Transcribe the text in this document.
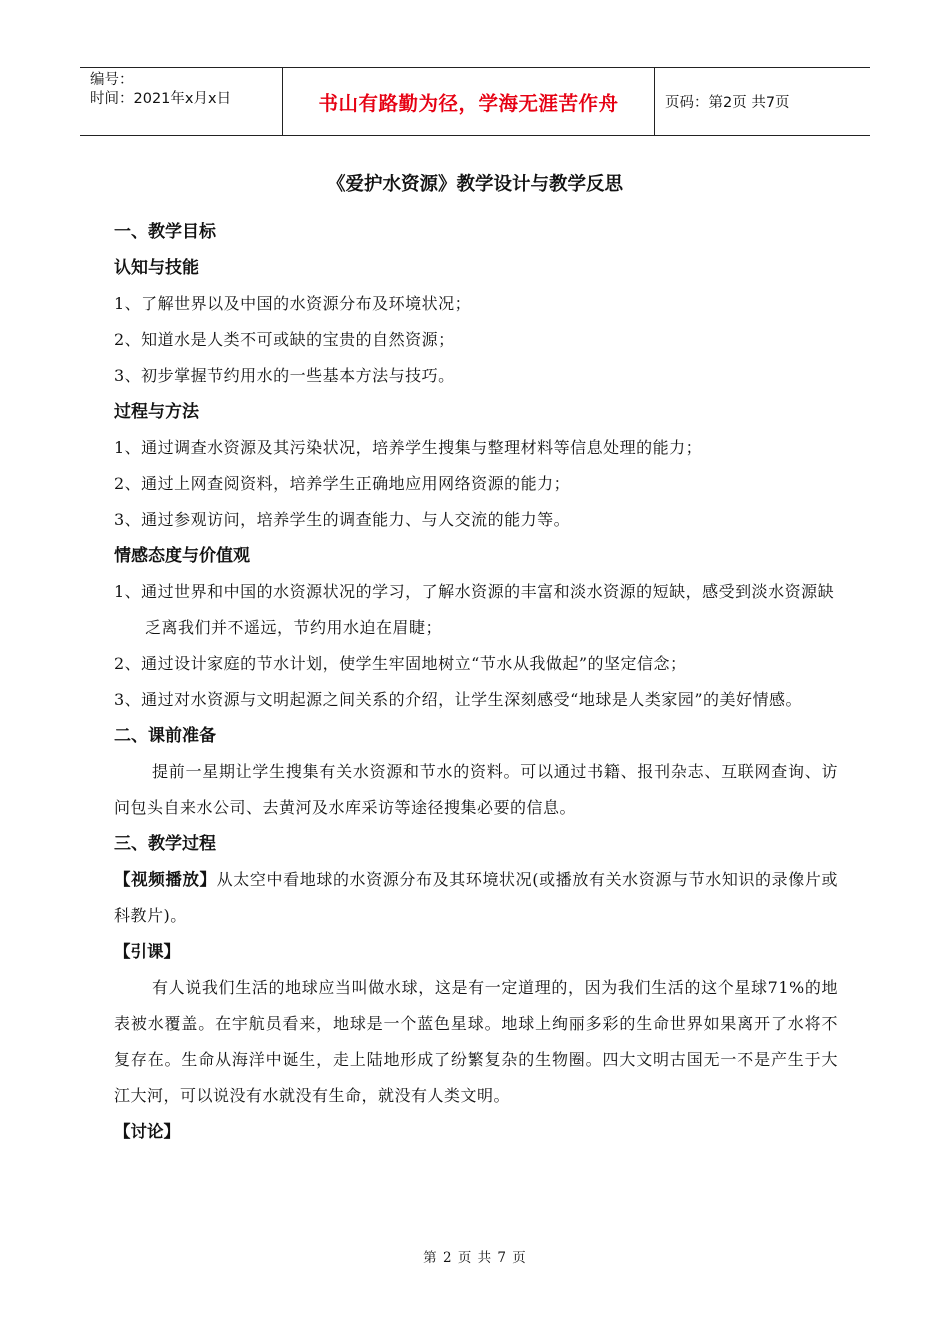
编号：
时间：2021年x月x日	书山有路勤为径，学海无涯苦作舟	页码：第2页 共7页
《爱护水资源》教学设计与教学反思
一、教学目标
认知与技能
1、了解世界以及中国的水资源分布及环境状况；
2、知道水是人类不可或缺的宝贵的自然资源；
3、初步掌握节约用水的一些基本方法与技巧。
过程与方法
1、通过调查水资源及其污染状况，培养学生搜集与整理材料等信息处理的能力；
2、通过上网查阅资料，培养学生正确地应用网络资源的能力；
3、通过参观访问，培养学生的调查能力、与人交流的能力等。
情感态度与价值观
1、通过世界和中国的水资源状况的学习，了解水资源的丰富和淡水资源的短缺，感受到淡水资源缺乏离我们并不遥远，节约用水迫在眉睫；
2、通过设计家庭的节水计划，使学生牢固地树立“节水从我做起”的坚定信念；
3、通过对水资源与文明起源之间关系的介绍，让学生深刻感受“地球是人类家园”的美好情感。
二、课前准备
提前一星期让学生搜集有关水资源和节水的资料。可以通过书籍、报刊杂志、互联网查询、访问包头自来水公司、去黄河及水库采访等途径搜集必要的信息。
三、教学过程
【视频播放】从太空中看地球的水资源分布及其环境状况(或播放有关水资源与节水知识的录像片或科教片)。
【引课】
有人说我们生活的地球应当叫做水球，这是有一定道理的，因为我们生活的这个星球71%的地表被水覆盖。在宇航员看来，地球是一个蓝色星球。地球上绚丽多彩的生命世界如果离开了水将不复存在。生命从海洋中诞生，走上陆地形成了纷繁复杂的生物圈。四大文明古国无一不是产生于大江大河，可以说没有水就没有生命，就没有人类文明。
【讨论】
第 2 页 共 7 页
